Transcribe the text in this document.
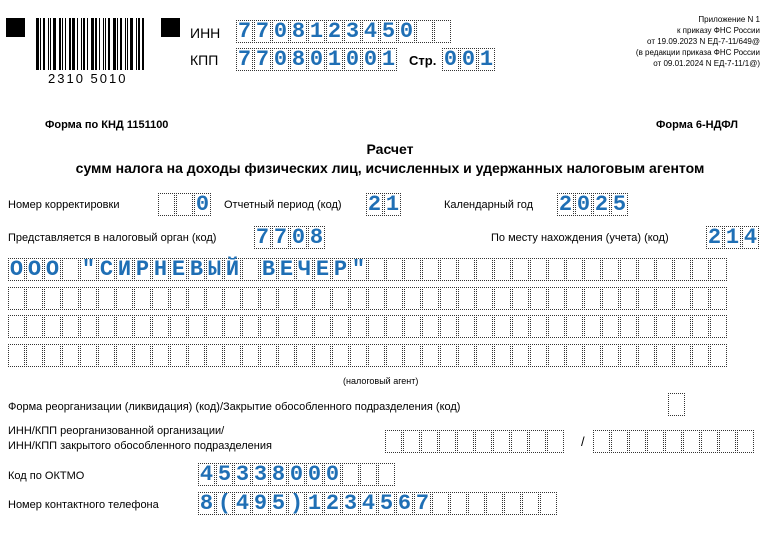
2310 5010
ИНН 7 7 0 8 1 2 3 4 5 0
КПП 7 7 0 8 0 1 0 0 1 Стр. 0 0 1
Приложение N 1
к приказу ФНС России
от 19.09.2023 N ЕД-7-11/649@
(в редакции приказа ФНС России
от 09.01.2024 N ЕД-7-11/1@)
Форма по КНД 1151100	Форма 6-НДФЛ
Расчет
сумм налога на доходы физических лиц, исчисленных и удержанных налоговым агентом
Номер корректировки	0 Отчетный период (код) 2 1	Календарный год 2 0 2 5
Представляется в налоговый орган (код) 7 7 0 8	По месту нахождения (учета) (код) 2 1 4
О О О " С И Р Н Е В Ы Й В Е Ч Е Р "
(налоговый агент)
Форма реорганизации (ликвидация) (код)/Закрытие обособленного подразделения (код)
ИНН/КПП реорганизованной организации/
ИНН/КПП закрытого обособленного подразделения	/
Код по ОКТМО	4 5 3 3 8 0 0 0
Номер контактного телефона 8 ( 4 9 5 ) 1 2 3 4 5 6 7
